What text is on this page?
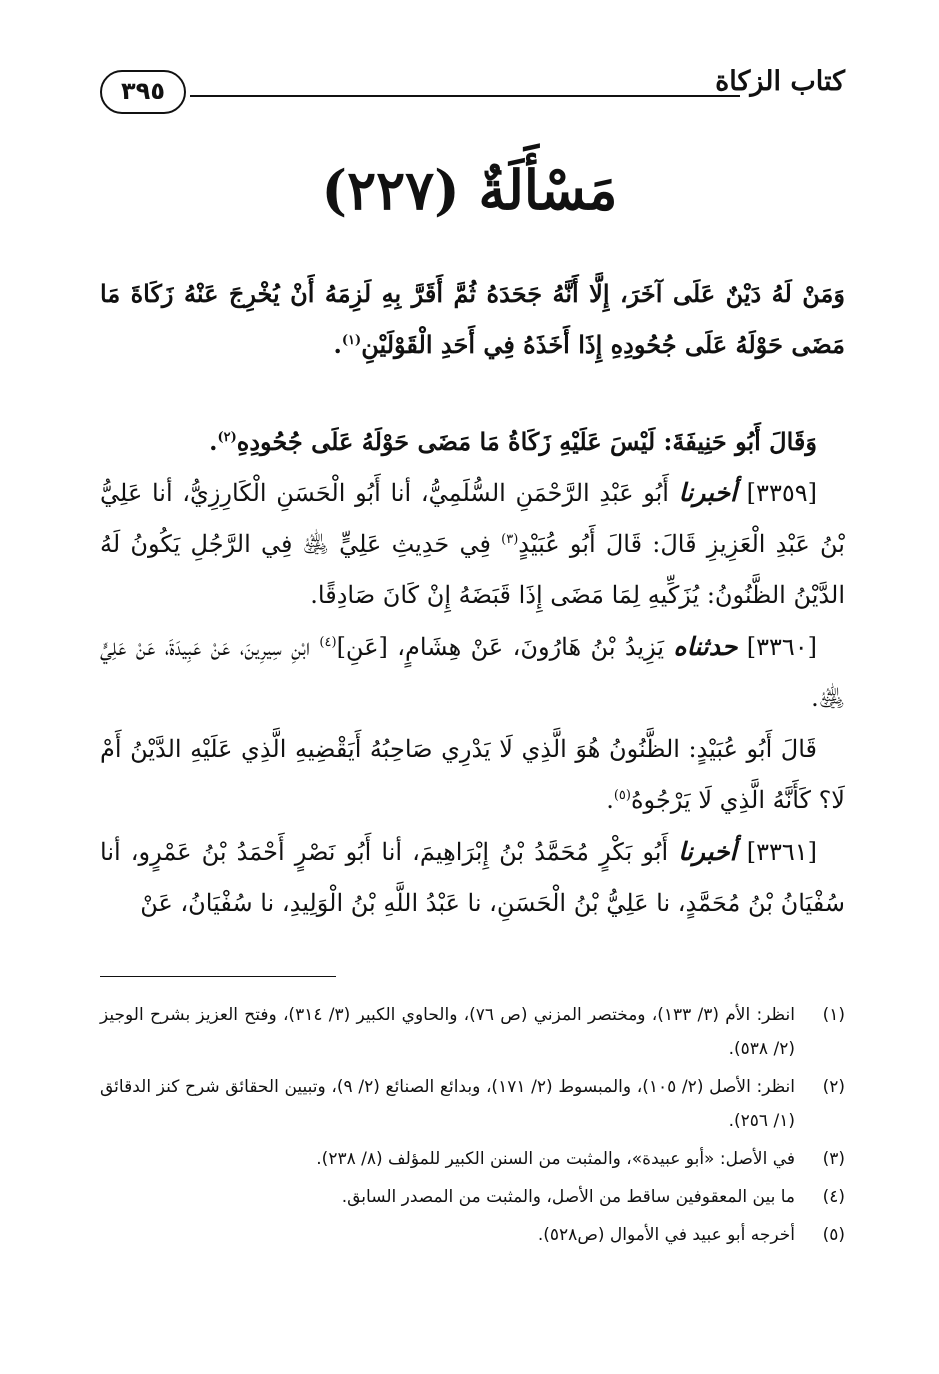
كتاب الزكاة
٣٩٥
مَسْأَلَةٌ (٢٢٧)

وَمَنْ لَهُ دَيْنٌ عَلَى آخَرَ، إِلَّا أَنَّهُ جَحَدَهُ ثُمَّ أَقَرَّ بِهِ لَزِمَهُ أَنْ يُخْرِجَ عَنْهُ زَكَاةَ مَا مَضَى حَوْلَهُ عَلَى جُحُودِهِ إِذَا أَخَذَهُ فِي أَحَدِ الْقَوْلَيْنِ$^{(١)}$.

وَقَالَ أَبُو حَنِيفَةَ: لَيْسَ عَلَيْهِ زَكَاةُ مَا مَضَى حَوْلَهُ عَلَى جُحُودِهِ$^{(٢)}$.

[٣٣٥٩] أخبرنا أَبُو عَبْدِ الرَّحْمَنِ السُّلَمِيُّ، أنا أَبُو الْحَسَنِ الْكَارِزِيُّ، أنا عَلِيُّ بْنُ عَبْدِ الْعَزِيزِ قَالَ: قَالَ أَبُو عُبَيْدٍ$^{(٣)}$ فِي حَدِيثِ عَلِيٍّ ﵁ فِي الرَّجُلِ يَكُونُ لَهُ الدَّيْنُ الظَّنُونُ: يُزَكِّيهِ لِمَا مَضَى إِذَا قَبَضَهُ إِنْ كَانَ صَادِقًا.

[٣٣٦٠] حدثناه يَزِيدُ بْنُ هَارُونَ، عَنْ هِشَامٍ، [عَنِ]$^{(٤)}$ ابْنِ سِيرِينَ، عَنْ عَبِيدَةَ، عَنْ عَلِيٍّ ﵁.

قَالَ أَبُو عُبَيْدٍ: الظَّنُونُ هُوَ الَّذِي لَا يَدْرِي صَاحِبُهُ أَيَقْضِيهِ الَّذِي عَلَيْهِ الدَّيْنُ أَمْ لَا؟ كَأَنَّهُ الَّذِي لَا يَرْجُوهُ$^{(٥)}$.

[٣٣٦١] أخبرنا أَبُو بَكْرٍ مُحَمَّدُ بْنُ إِبْرَاهِيمَ، أنا أَبُو نَصْرٍ أَحْمَدُ بْنُ عَمْرٍو، أنا سُفْيَانُ بْنُ مُحَمَّدٍ، نا عَلِيُّ بْنُ الْحَسَنِ، نا عَبْدُ اللَّهِ بْنُ الْوَلِيدِ، نا سُفْيَانُ، عَنْ

(١)
انظر: الأم (٣/ ١٣٣)، ومختصر المزني (ص ٧٦)، والحاوي الكبير (٣/ ٣١٤)، وفتح العزيز بشرح الوجيز (٢/ ٥٣٨).
(٢)
انظر: الأصل (٢/ ١٠٥)، والمبسوط (٢/ ١٧١)، وبدائع الصنائع (٢/ ٩)، وتبيين الحقائق شرح كنز الدقائق (١/ ٢٥٦).
(٣)
في الأصل: «أبو عبيدة»، والمثبت من السنن الكبير للمؤلف (٨/ ٢٣٨).
(٤)
ما بين المعقوفين ساقط من الأصل، والمثبت من المصدر السابق.
(٥)
أخرجه أبو عبيد في الأموال (ص٥٢٨).
